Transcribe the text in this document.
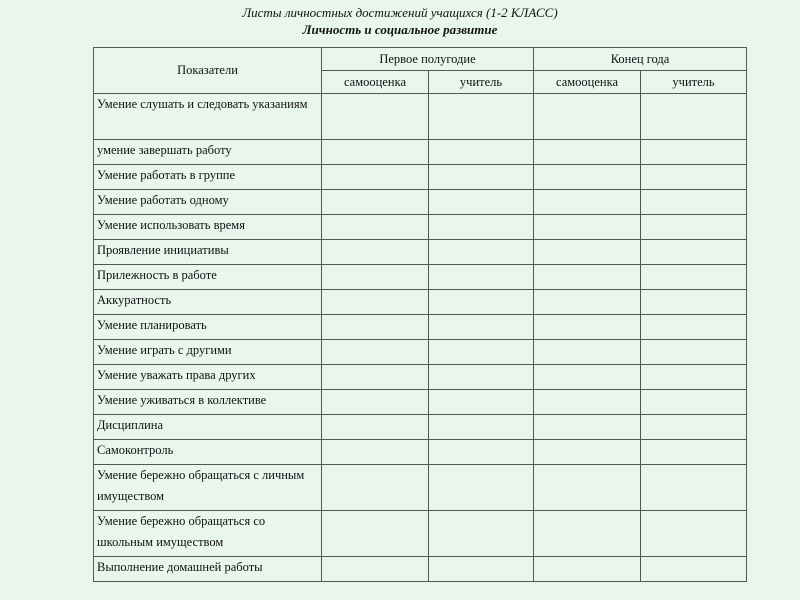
Листы личностных достижений учащихся (1-2 КЛАСС)
Личность и социальное развитие
Показатели	Первое полугодие		Конец года	
	самооценка	учитель	самооценка	учитель
Умение слушать и следовать указаниям				
умение завершать работу				
Умение работать в группе				
Умение работать одному				
Умение использовать время				
Проявление инициативы				
Прилежность в работе				
Аккуратность				
Умение планировать				
Умение играть с другими				
Умение уважать права других				
Умение уживаться в коллективе				
Дисциплина				
Самоконтроль				
Умение бережно обращаться с личным имуществом				
Умение бережно обращаться со школьным имуществом				
Выполнение домашней работы				
